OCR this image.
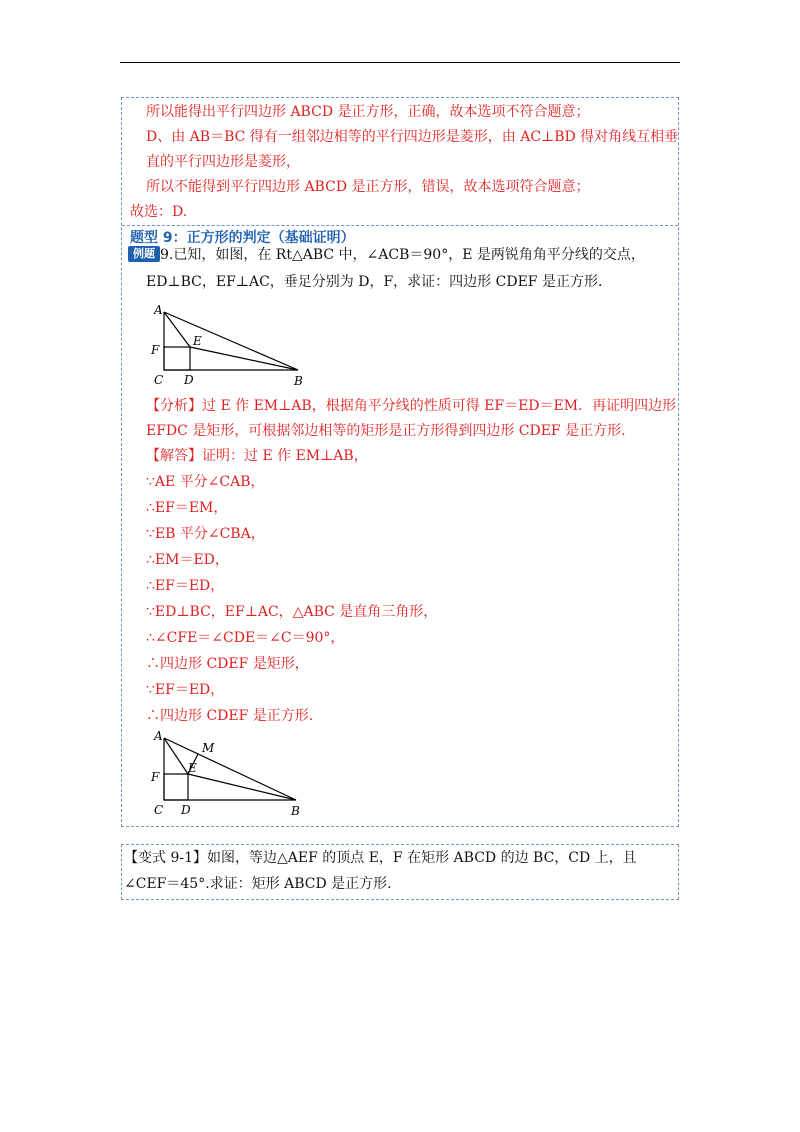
所以能得出平行四边形 ABCD 是正方形，正确，故本选项不符合题意；
D、由 AB＝BC 得有一组邻边相等的平行四边形是菱形，由 AC⊥BD 得对角线互相垂
直的平行四边形是菱形，
所以不能得到平行四边形 ABCD 是正方形，错误，故本选项符合题意；
故选：D.
题型 9：正方形的判定（基础证明）
例题 9.已知，如图，在 Rt△ABC 中，∠ACB＝90°，E 是两锐角角平分线的交点，
ED⊥BC，EF⊥AC，垂足分别为 D，F，求证：四边形 CDEF 是正方形.
A
E
F
C D	B
【分析】过 E 作 EM⊥AB，根据角平分线的性质可得 EF＝ED＝EM．再证明四边形
EFDC 是矩形，可根据邻边相等的矩形是正方形得到四边形 CDEF 是正方形.
【解答】证明：过 E 作 EM⊥AB，
∵AE 平分∠CAB，
∴EF＝EM，
∵EB 平分∠CBA，
∴EM＝ED，
∴EF＝ED，
∵ED⊥BC，EF⊥AC，△ABC 是直角三角形，
∴∠CFE＝∠CDE＝∠C＝90°，
∴四边形 CDEF 是矩形，
∵EF＝ED，
∴四边形 CDEF 是正方形.
A
M
E
F
C D	B
【变式 9-1】如图，等边△AEF 的顶点 E，F 在矩形 ABCD 的边 BC，CD 上，且
∠CEF＝45°.求证：矩形 ABCD 是正方形.
